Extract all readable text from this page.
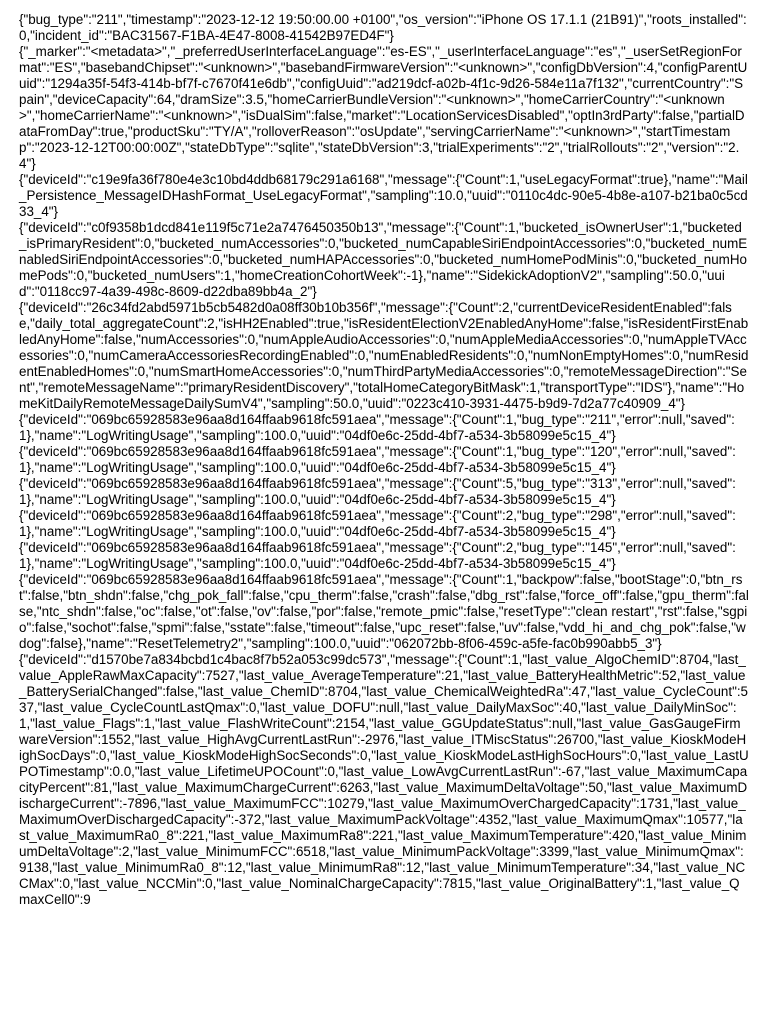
{"bug_type":"211","timestamp":"2023-12-12 19:50:00.00 +0100","os_version":"iPhone OS 17.1.1 (21B91)","roots_installed":0,"incident_id":"BAC31567-F1BA-4E47-8008-41542B97ED4F"}
{"_marker":"<metadata>","_preferredUserInterfaceLanguage":"es-ES","_userInterfaceLanguage":"es","_userSetRegionFormat":"ES","basebandChipset":"<unknown>","basebandFirmwareVersion":"<unknown>","configDbVersion":4,"configParentUuid":"1294a35f-54f3-414b-bf7f-c7670f41e6db","configUuid":"ad219dcf-a02b-4f1c-9d26-584e11a7f132","currentCountry":"Spain","deviceCapacity":64,"dramSize":3.5,"homeCarrierBundleVersion":"<unknown>","homeCarrierCountry":"<unknown>","homeCarrierName":"<unknown>","isDualSim":false,"market":"LocationServicesDisabled","optIn3rdParty":false,"partialDataFromDay":true,"productSku":"TY/A","rolloverReason":"osUpdate","servingCarrierName":"<unknown>","startTimestamp":"2023-12-12T00:00:00Z","stateDbType":"sqlite","stateDbVersion":3,"trialExperiments":"2","trialRollouts":"2","version":"2.4"}
{"deviceId":"c19e9fa36f780e4e3c10bd4ddb68179c291a6168","message":{"Count":1,"useLegacyFormat":true},"name":"Mail_Persistence_MessageIDHashFormat_UseLegacyFormat","sampling":10.0,"uuid":"0110c4dc-90e5-4b8e-a107-b21ba0c5cd33_4"}
{"deviceId":"c0f9358b1dcd841e119f5c71e2a7476450350b13","message":{"Count":1,"bucketed_isOwnerUser":1,"bucketed_isPrimaryResident":0,"bucketed_numAccessories":0,"bucketed_numCapableSiriEndpointAccessories":0,"bucketed_numEnabledSiriEndpointAccessories":0,"bucketed_numHAPAccessories":0,"bucketed_numHomePodMinis":0,"bucketed_numHomePods":0,"bucketed_numUsers":1,"homeCreationCohortWeek":-1},"name":"SidekickAdoptionV2","sampling":50.0,"uuid":"0118cc97-4a39-498c-8609-d22dba89bb4a_2"}
{"deviceId":"26c34fd2abd5971b5cb5482d0a08ff30b10b356f","message":{"Count":2,"currentDeviceResidentEnabled":false,"daily_total_aggregateCount":2,"isHH2Enabled":true,"isResidentElectionV2EnabledAnyHome":false,"isResidentFirstEnabledAnyHome":false,"numAccessories":0,"numAppleAudioAccessories":0,"numAppleMediaAccessories":0,"numAppleTVAccessories":0,"numCameraAccessoriesRecordingEnabled":0,"numEnabledResidents":0,"numNonEmptyHomes":0,"numResidentEnabledHomes":0,"numSmartHomeAccessories":0,"numThirdPartyMediaAccessories":0,"remoteMessageDirection":"Sent","remoteMessageName":"primaryResidentDiscovery","totalHomeCategoryBitMask":1,"transportType":"IDS"},"name":"HomeKitDailyRemoteMessageDailySumV4","sampling":50.0,"uuid":"0223c410-3931-4475-b9d9-7d2a77c40909_4"}
{"deviceId":"069bc65928583e96aa8d164ffaab9618fc591aea","message":{"Count":1,"bug_type":"211","error":null,"saved":1},"name":"LogWritingUsage","sampling":100.0,"uuid":"04df0e6c-25dd-4bf7-a534-3b58099e5c15_4"}
{"deviceId":"069bc65928583e96aa8d164ffaab9618fc591aea","message":{"Count":1,"bug_type":"120","error":null,"saved":1},"name":"LogWritingUsage","sampling":100.0,"uuid":"04df0e6c-25dd-4bf7-a534-3b58099e5c15_4"}
{"deviceId":"069bc65928583e96aa8d164ffaab9618fc591aea","message":{"Count":5,"bug_type":"313","error":null,"saved":1},"name":"LogWritingUsage","sampling":100.0,"uuid":"04df0e6c-25dd-4bf7-a534-3b58099e5c15_4"}
{"deviceId":"069bc65928583e96aa8d164ffaab9618fc591aea","message":{"Count":2,"bug_type":"298","error":null,"saved":1},"name":"LogWritingUsage","sampling":100.0,"uuid":"04df0e6c-25dd-4bf7-a534-3b58099e5c15_4"}
{"deviceId":"069bc65928583e96aa8d164ffaab9618fc591aea","message":{"Count":2,"bug_type":"145","error":null,"saved":1},"name":"LogWritingUsage","sampling":100.0,"uuid":"04df0e6c-25dd-4bf7-a534-3b58099e5c15_4"}
{"deviceId":"069bc65928583e96aa8d164ffaab9618fc591aea","message":{"Count":1,"backpow":false,"bootStage":0,"btn_rst":false,"btn_shdn":false,"chg_pok_fall":false,"cpu_therm":false,"crash":false,"dbg_rst":false,"force_off":false,"gpu_therm":false,"ntc_shdn":false,"oc":false,"ot":false,"ov":false,"por":false,"remote_pmic":false,"resetType":"clean restart","rst":false,"sgpio":false,"sochot":false,"spmi":false,"sstate":false,"timeout":false,"upc_reset":false,"uv":false,"vdd_hi_and_chg_pok":false,"wdog":false},"name":"ResetTelemetry2","sampling":100.0,"uuid":"062072bb-8f06-459c-a5fe-fac0b990abb5_3"}
{"deviceId":"d1570be7a834bcbd1c4bac8f7b52a053c99dc573","message":{"Count":1,"last_value_AlgoChemID":8704,"last_value_AppleRawMaxCapacity":7527,"last_value_AverageTemperature":21,"last_value_BatteryHealthMetric":52,"last_value_BatterySerialChanged":false,"last_value_ChemID":8704,"last_value_ChemicalWeightedRa":47,"last_value_CycleCount":537,"last_value_CycleCountLastQmax":0,"last_value_DOFU":null,"last_value_DailyMaxSoc":40,"last_value_DailyMinSoc":1,"last_value_Flags":1,"last_value_FlashWriteCount":2154,"last_value_GGUpdateStatus":null,"last_value_GasGaugeFirmwareVersion":1552,"last_value_HighAvgCurrentLastRun":-2976,"last_value_ITMiscStatus":26700,"last_value_KioskModeHighSocDays":0,"last_value_KioskModeHighSocSeconds":0,"last_value_KioskModeLastHighSocHours":0,"last_value_LastUPOTimestamp":0.0,"last_value_LifetimeUPOCount":0,"last_value_LowAvgCurrentLastRun":-67,"last_value_MaximumCapacityPercent":81,"last_value_MaximumChargeCurrent":6263,"last_value_MaximumDeltaVoltage":50,"last_value_MaximumDischargeCurrent":-7896,"last_value_MaximumFCC":10279,"last_value_MaximumOverChargedCapacity":1731,"last_value_MaximumOverDischargedCapacity":-372,"last_value_MaximumPackVoltage":4352,"last_value_MaximumQmax":10577,"last_value_MaximumRa0_8":221,"last_value_MaximumRa8":221,"last_value_MaximumTemperature":420,"last_value_MinimumDeltaVoltage":2,"last_value_MinimumFCC":6518,"last_value_MinimumPackVoltage":3399,"last_value_MinimumQmax":9138,"last_value_MinimumRa0_8":12,"last_value_MinimumRa8":12,"last_value_MinimumTemperature":34,"last_value_NCCMax":0,"last_value_NCCMin":0,"last_value_NominalChargeCapacity":7815,"last_value_OriginalBattery":1,"last_value_QmaxCell0":9
